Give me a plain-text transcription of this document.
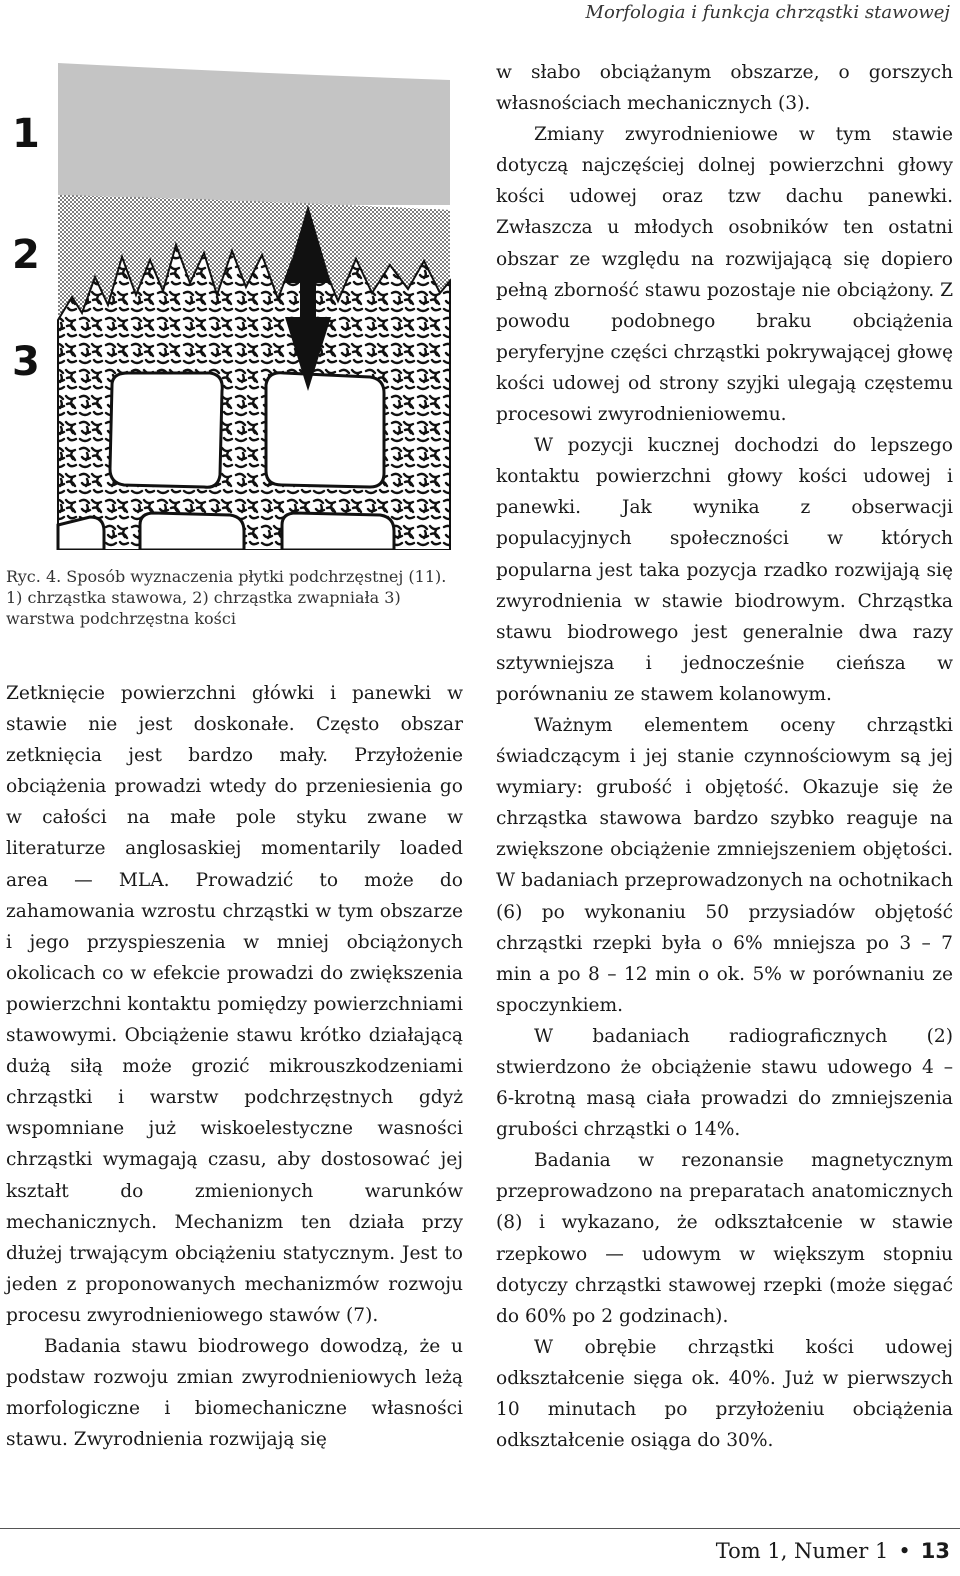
Morfologia i funkcja chrząstki stawowej
1
2
3
Ryc. 4. Sposób wyznaczenia płytki podchrzęstnej (11). 1) chrząstka stawowa, 2) chrząstka zwapniała 3) warstwa podchrzęstna kości

Zetknięcie powierzchni główki i panewki w stawie nie jest doskonałe. Często obszar zetknięcia jest bardzo mały. Przyłożenie obciążenia prowadzi wtedy do przeniesienia go w całości na małe pole styku zwane w literaturze anglosaskiej momentarily loaded area — MLA. Prowadzić to może do zahamowania wzrostu chrząstki w tym obszarze i jego przyspieszenia w mniej obciążonych okolicach co w efekcie prowadzi do zwiększenia powierzchni kontaktu pomiędzy powierzchniami stawowymi. Obciążenie stawu krótko działającą dużą siłą może grozić mikrouszkodzeniami chrząstki i warstw podchrzęstnych gdyż wspomniane już wiskoelestyczne wasności chrząstki wymagają czasu, aby dostosować jej kształt do zmienionych warunków mechanicznych. Mechanizm ten działa przy dłużej trwającym obciążeniu statycznym. Jest to jeden z proponowanych mechanizmów rozwoju procesu zwyrodnieniowego stawów (7).

Badania stawu biodrowego dowodzą, że u podstaw rozwoju zmian zwyrodnieniowych leżą morfologiczne i biomechaniczne własności stawu. Zwyrodnienia rozwijają się

w słabo obciążanym obszarze, o gorszych własnościach mechanicznych (3).

Zmiany zwyrodnieniowe w tym stawie dotyczą najczęściej dolnej powierzchni głowy kości udowej oraz tzw dachu panewki. Zwłaszcza u młodych osobników ten ostatni obszar ze względu na rozwijającą się dopiero pełną zborność stawu pozostaje nie obciążony. Z powodu podobnego braku obciążenia peryferyjne części chrząstki pokrywającej głowę kości udowej od strony szyjki ulegają częstemu procesowi zwyrodnieniowemu.

W pozycji kucznej dochodzi do lepszego kontaktu powierzchni głowy kości udowej i panewki. Jak wynika z obserwacji populacyjnych społeczności w których popularna jest taka pozycja rzadko rozwijają się zwyrodnienia w stawie biodrowym. Chrząstka stawu biodrowego jest generalnie dwa razy sztywniejsza i jednocześnie cieńsza w porównaniu ze stawem kolanowym.

Ważnym elementem oceny chrząstki świadczącym i jej stanie czynnościowym są jej wymiary: grubość i objętość. Okazuje się że chrząstka stawowa bardzo szybko reaguje na zwiększone obciążenie zmniejszeniem objętości. W badaniach przeprowadzonych na ochotnikach (6) po wykonaniu 50 przysiadów objętość chrząstki rzepki była o 6% mniejsza po 3 – 7 min a po 8 – 12 min o ok. 5% w porównaniu ze spoczynkiem.

W badaniach radiograficznych (2) stwierdzono że obciążenie stawu udowego 4 – 6-krotną masą ciała prowadzi do zmniejszenia grubości chrząstki o 14%.

Badania w rezonansie magnetycznym przeprowadzono na preparatach anatomicznych (8) i wykazano, że odkształcenie w stawie rzepkowo — udowym w większym stopniu dotyczy chrząstki stawowej rzepki (może sięgać do 60% po 2 godzinach).

W obrębie chrząstki kości udowej odkształcenie sięga ok. 40%. Już w pierwszych 10 minutach po przyłożeniu obciążenia odkształcenie osiąga do 30%.

Tom 1, Numer 1 • 13
